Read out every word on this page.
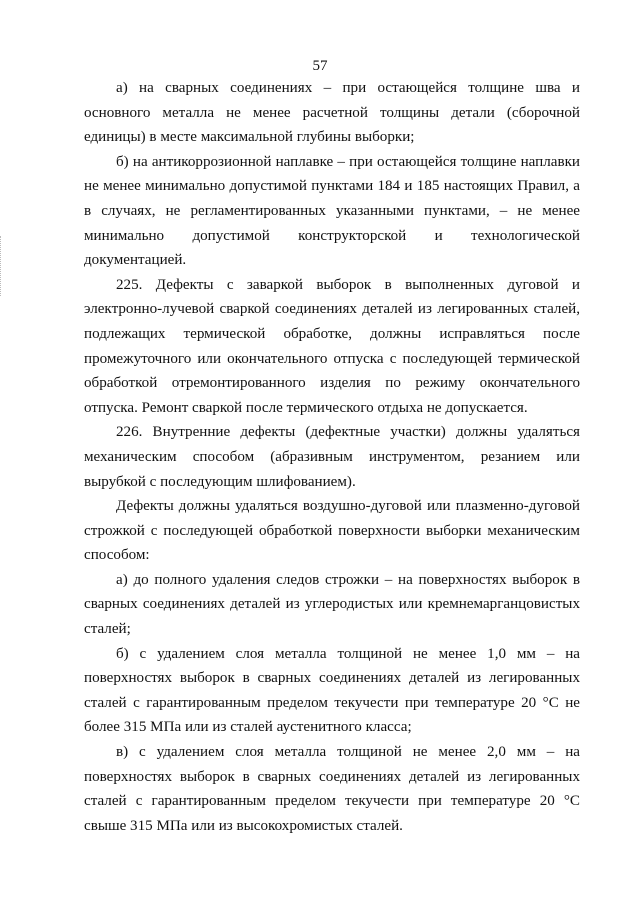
57

а) на сварных соединениях – при остающейся толщине шва и основного металла не менее расчетной толщины детали (сборочной единицы) в месте максимальной глубины выборки;

б) на антикоррозионной наплавке – при остающейся толщине наплавки не менее минимально допустимой пунктами 184 и 185 настоящих Правил, а в случаях, не регламентированных указанными пунктами, – не менее минимально допустимой конструкторской и технологической документацией.

225. Дефекты с заваркой выборок в выполненных дуговой и электронно-лучевой сваркой соединениях деталей из легированных сталей, подлежащих термической обработке, должны исправляться после промежуточного или окончательного отпуска с последующей термической обработкой отремонтированного изделия по режиму окончательного отпуска. Ремонт сваркой после термического отдыха не допускается.

226. Внутренние дефекты (дефектные участки) должны удаляться механическим способом (абразивным инструментом, резанием или вырубкой с последующим шлифованием).

Дефекты должны удаляться воздушно-дуговой или плазменно-дуговой строжкой с последующей обработкой поверхности выборки механическим способом:

а) до полного удаления следов строжки – на поверхностях выборок в сварных соединениях деталей из углеродистых или кремнемарганцовистых сталей;

б) с удалением слоя металла толщиной не менее 1,0 мм – на поверхностях выборок в сварных соединениях деталей из легированных сталей с гарантированным пределом текучести при температуре 20 °С не более 315 МПа или из сталей аустенитного класса;

в) с удалением слоя металла толщиной не менее 2,0 мм – на поверхностях выборок в сварных соединениях деталей из легированных сталей с гарантированным пределом текучести при температуре 20 °С свыше 315 МПа или из высокохромистых сталей.
